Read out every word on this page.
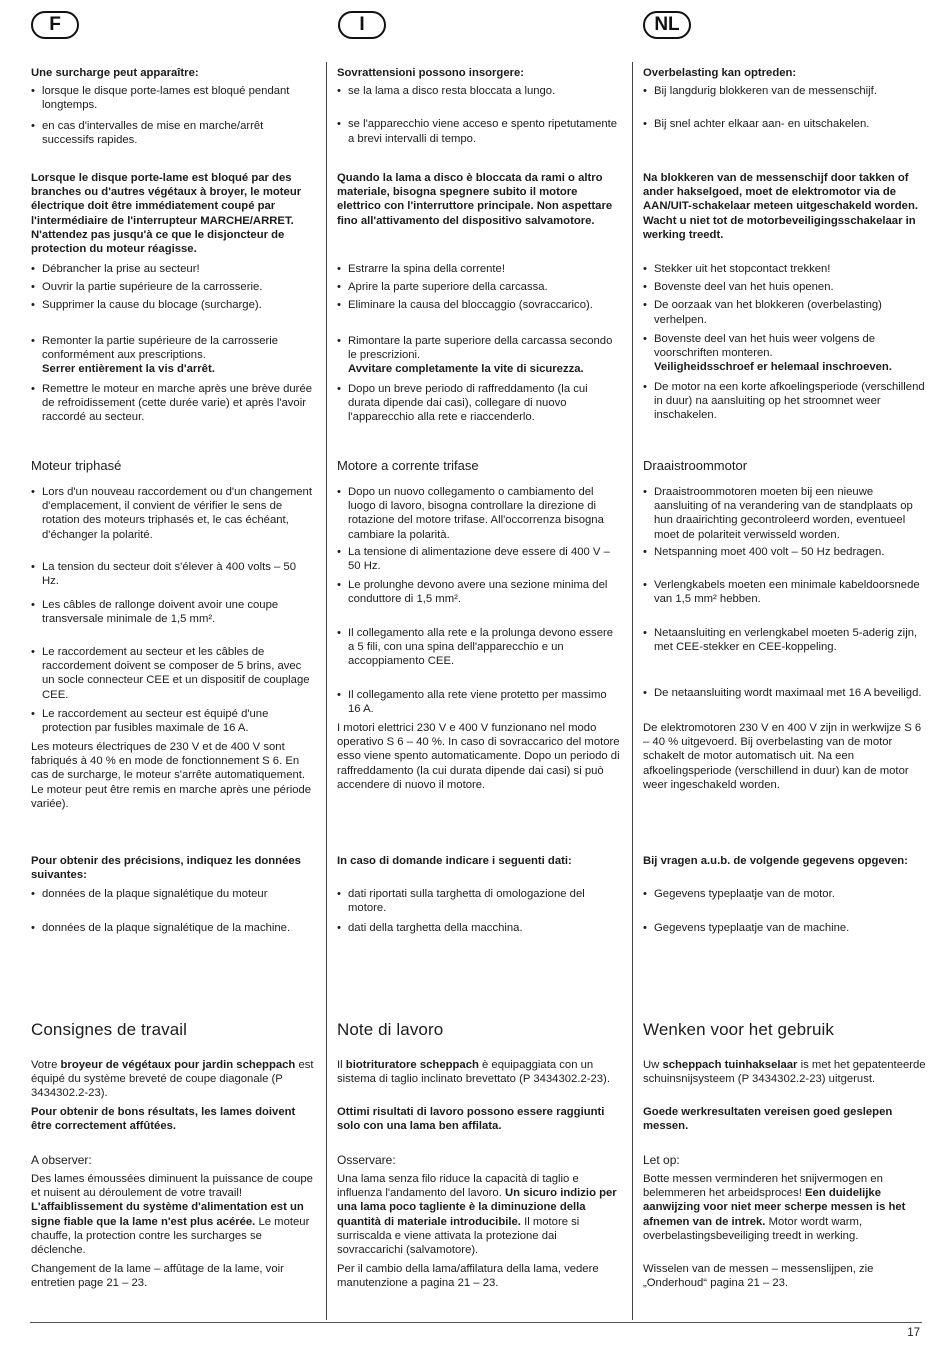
F	I	NL
Une surcharge peut apparaître:
• lorsque le disque porte-lames est bloqué pendant longtemps.
• en cas d'intervalles de mise en marche/arrêt successifs rapides.
Lorsque le disque porte-lame est bloqué par des branches ou d'autres végétaux à broyer, le moteur électrique doit être immédiatement coupé par l'intermédiaire de l'interrupteur MARCHE/ARRET. N'attendez pas jusqu'à ce que le disjoncteur de protection du moteur réagisse.
• Débrancher la prise au secteur!
• Ouvrir la partie supérieure de la carrosserie.
• Supprimer la cause du blocage (surcharge).
• Remonter la partie supérieure de la carrosserie conformément aux prescriptions.
Serrer entièrement la vis d'arrêt.
• Remettre le moteur en marche après une brève durée de refroidissement (cette durée varie) et après l'avoir raccordé au secteur.
Moteur triphasé
• Lors d'un nouveau raccordement ou d'un changement d'emplacement, il convient de vérifier le sens de rotation des moteurs triphasés et, le cas échéant, d'échanger la polarité.
• La tension du secteur doit s'élever à 400 volts – 50 Hz.
• Les câbles de rallonge doivent avoir une coupe transversale minimale de 1,5 mm².
• Le raccordement au secteur et les câbles de raccordement doivent se composer de 5 brins, avec un socle connecteur CEE et un dispositif de couplage CEE.
• Le raccordement au secteur est équipé d'une protection par fusibles maximale de 16 A.
Les moteurs électriques de 230 V et de 400 V sont fabriqués à 40 % en mode de fonctionnement S 6. En cas de surcharge, le moteur s'arrête automatiquement. Le moteur peut être remis en marche après une période variée).
Pour obtenir des précisions, indiquez les données suivantes:
• données de la plaque signalétique du moteur
• données de la plaque signalétique de la machine.
Consignes de travail
Votre broyeur de végétaux pour jardin scheppach est équipé du système breveté de coupe diagonale (P 3434302.2-23).
Pour obtenir de bons résultats, les lames doivent être correctement affûtées.
A observer:
Des lames émoussées diminuent la puissance de coupe et nuisent au déroulement de votre travail! L'affaiblissement du système d'alimentation est un signe fiable que la lame n'est plus acérée. Le moteur chauffe, la protection contre les surcharges se déclenche.
Changement de la lame – affûtage de la lame, voir entretien page 21 – 23.
Sovrattensioni possono insorgere:
• se la lama a disco resta bloccata a lungo.
• se l'apparecchio viene acceso e spento ripetutamente a brevi intervalli di tempo.
Quando la lama a disco è bloccata da rami o altro materiale, bisogna spegnere subito il motore elettrico con l'interruttore principale. Non aspettare fino all'attivamento del dispositivo salvamotore.
• Estrarre la spina della corrente!
• Aprire la parte superiore della carcassa.
• Eliminare la causa del bloccaggio (sovraccarico).
• Rimontare la parte superiore della carcassa secondo le prescrizioni.
Avvitare completamente la vite di sicurezza.
• Dopo un breve periodo di raffreddamento (la cui durata dipende dai casi), collegare di nuovo l'apparecchio alla rete e riaccenderlo.
Motore a corrente trifase
• Dopo un nuovo collegamento o cambiamento del luogo di lavoro, bisogna controllare la direzione di rotazione del motore trifase. All'occorrenza bisogna cambiare la polarità.
• La tensione di alimentazione deve essere di 400 V – 50 Hz.
• Le prolunghe devono avere una sezione minima del conduttore di 1,5 mm².
• Il collegamento alla rete e la prolunga devono essere a 5 fili, con una spina dell'apparecchio e un accoppiamento CEE.
• Il collegamento alla rete viene protetto per massimo 16 A.
I motori elettrici 230 V e 400 V funzionano nel modo operativo S 6 – 40 %. In caso di sovraccarico del motore esso viene spento automaticamente. Dopo un periodo di raffreddamento (la cui durata dipende dai casi) si può accendere di nuovo il motore.
In caso di domande indicare i seguenti dati:
• dati riportati sulla targhetta di omologazione del motore.
• dati della targhetta della macchina.
Note di lavoro
Il biotrituratore scheppach è equipaggiata con un sistema di taglio inclinato brevettato (P 3434302.2-23).
Ottimi risultati di lavoro possono essere raggiunti solo con una lama ben affilata.
Osservare:
Una lama senza filo riduce la capacità di taglio e influenza l'andamento del lavoro. Un sicuro indizio per una lama poco tagliente è la diminuzione della quantità di materiale introducibile. Il motore si surriscalda e viene attivata la protezione dai sovraccarichi (salvamotore).
Per il cambio della lama/affilatura della lama, vedere manutenzione a pagina 21 – 23.
Overbelasting kan optreden:
• Bij langdurig blokkeren van de messenschijf.
• Bij snel achter elkaar aan- en uitschakelen.
Na blokkeren van de messenschijf door takken of ander hakselgoed, moet de elektromotor via de AAN/UIT-schakelaar meteen uitgeschakeld worden. Wacht u niet tot de motorbeveiligingsschakelaar in werking treedt.
• Stekker uit het stopcontact trekken!
• Bovenste deel van het huis openen.
• De oorzaak van het blokkeren (overbelasting) verhelpen.
• Bovenste deel van het huis weer volgens de voorschriften monteren.
Veiligheidsschroef er helemaal inschroeven.
• De motor na een korte afkoelingsperiode (verschillend in duur) na aansluiting op het stroomnet weer inschakelen.
Draaistroommotor
• Draaistroommotoren moeten bij een nieuwe aansluiting of na verandering van de standplaats op hun draairichting gecontroleerd worden, eventueel moet de polariteit verwisseld worden.
• Netspanning moet 400 volt – 50 Hz bedragen.
• Verlengkabels moeten een minimale kabeldoorsnede van 1,5 mm² hebben.
• Netaansluiting en verlengkabel moeten 5-aderig zijn, met CEE-stekker en CEE-koppeling.
• De netaansluiting wordt maximaal met 16 A beveiligd.
De elektromotoren 230 V en 400 V zijn in werkwijze S 6 – 40 % uitgevoerd. Bij overbelasting van de motor schakelt de motor automatisch uit. Na een afkoelingsperiode (verschillend in duur) kan de motor weer ingeschakeld worden.
Bij vragen a.u.b. de volgende gegevens opgeven:
• Gegevens typeplaatje van de motor.
• Gegevens typeplaatje van de machine.
Wenken voor het gebruik
Uw scheppach tuinhakselaar is met het gepatenteerde schuinsnijsysteem (P 3434302.2-23) uitgerust.
Goede werkresultaten vereisen goed geslepen messen.
Let op:
Botte messen verminderen het snijvermogen en belemmeren het arbeidsproces! Een duidelijke aanwijzing voor niet meer scherpe messen is het afnemen van de intrek. Motor wordt warm, overbelastingsbeveiliging treedt in werking.
Wisselen van de messen – messenslijpen, zie „Onderhoud“ pagina 21 – 23.
17
